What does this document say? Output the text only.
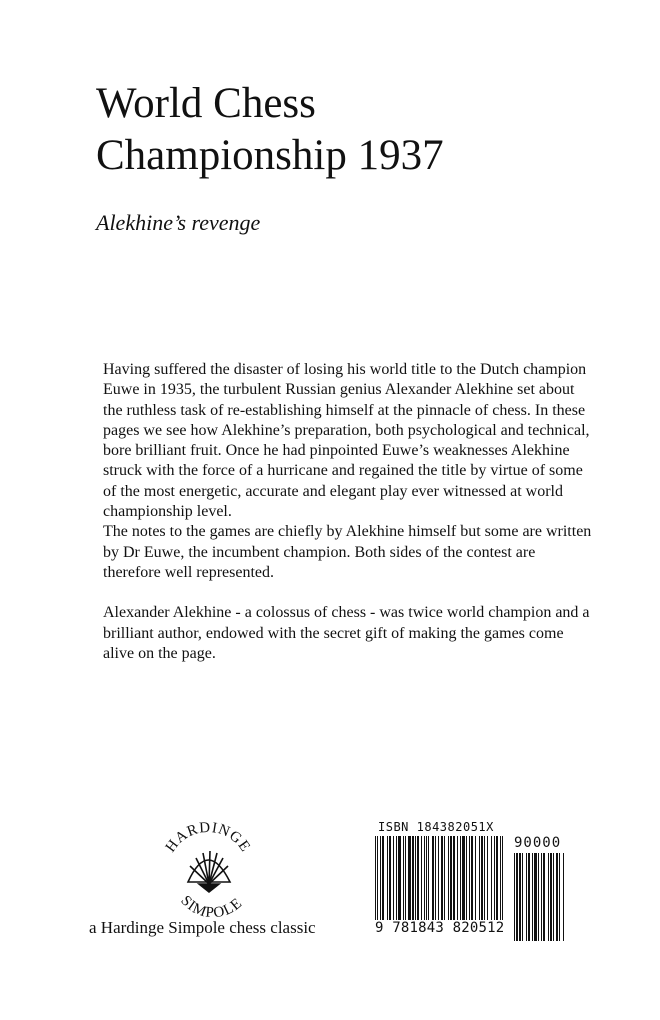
World Chess
Championship 1937
Alekhine’s revenge

Having suffered the disaster of losing his world title to the Dutch champion Euwe in 1935, the turbulent Russian genius Alexander Alekhine set about the ruthless task of re-establishing himself at the pinnacle of chess. In these pages we see how Alekhine’s preparation, both psychological and technical, bore brilliant fruit. Once he had pinpointed Euwe’s weaknesses Alekhine struck with the force of a hurricane and regained the title by virtue of some of the most energetic, accurate and elegant play ever witnessed at world championship level.

The notes to the games are chiefly by Alekhine himself but some are written by Dr Euwe, the incumbent champion. Both sides of the contest are therefore well represented.

Alexander Alekhine - a colossus of chess - was twice world champion and a brilliant author, endowed with the secret gift of making the games come alive on the page.

HARDINGE
SIMPOLE
a Hardinge Simpole chess classic
ISBN 184382051X
90000
9 781843 820512
